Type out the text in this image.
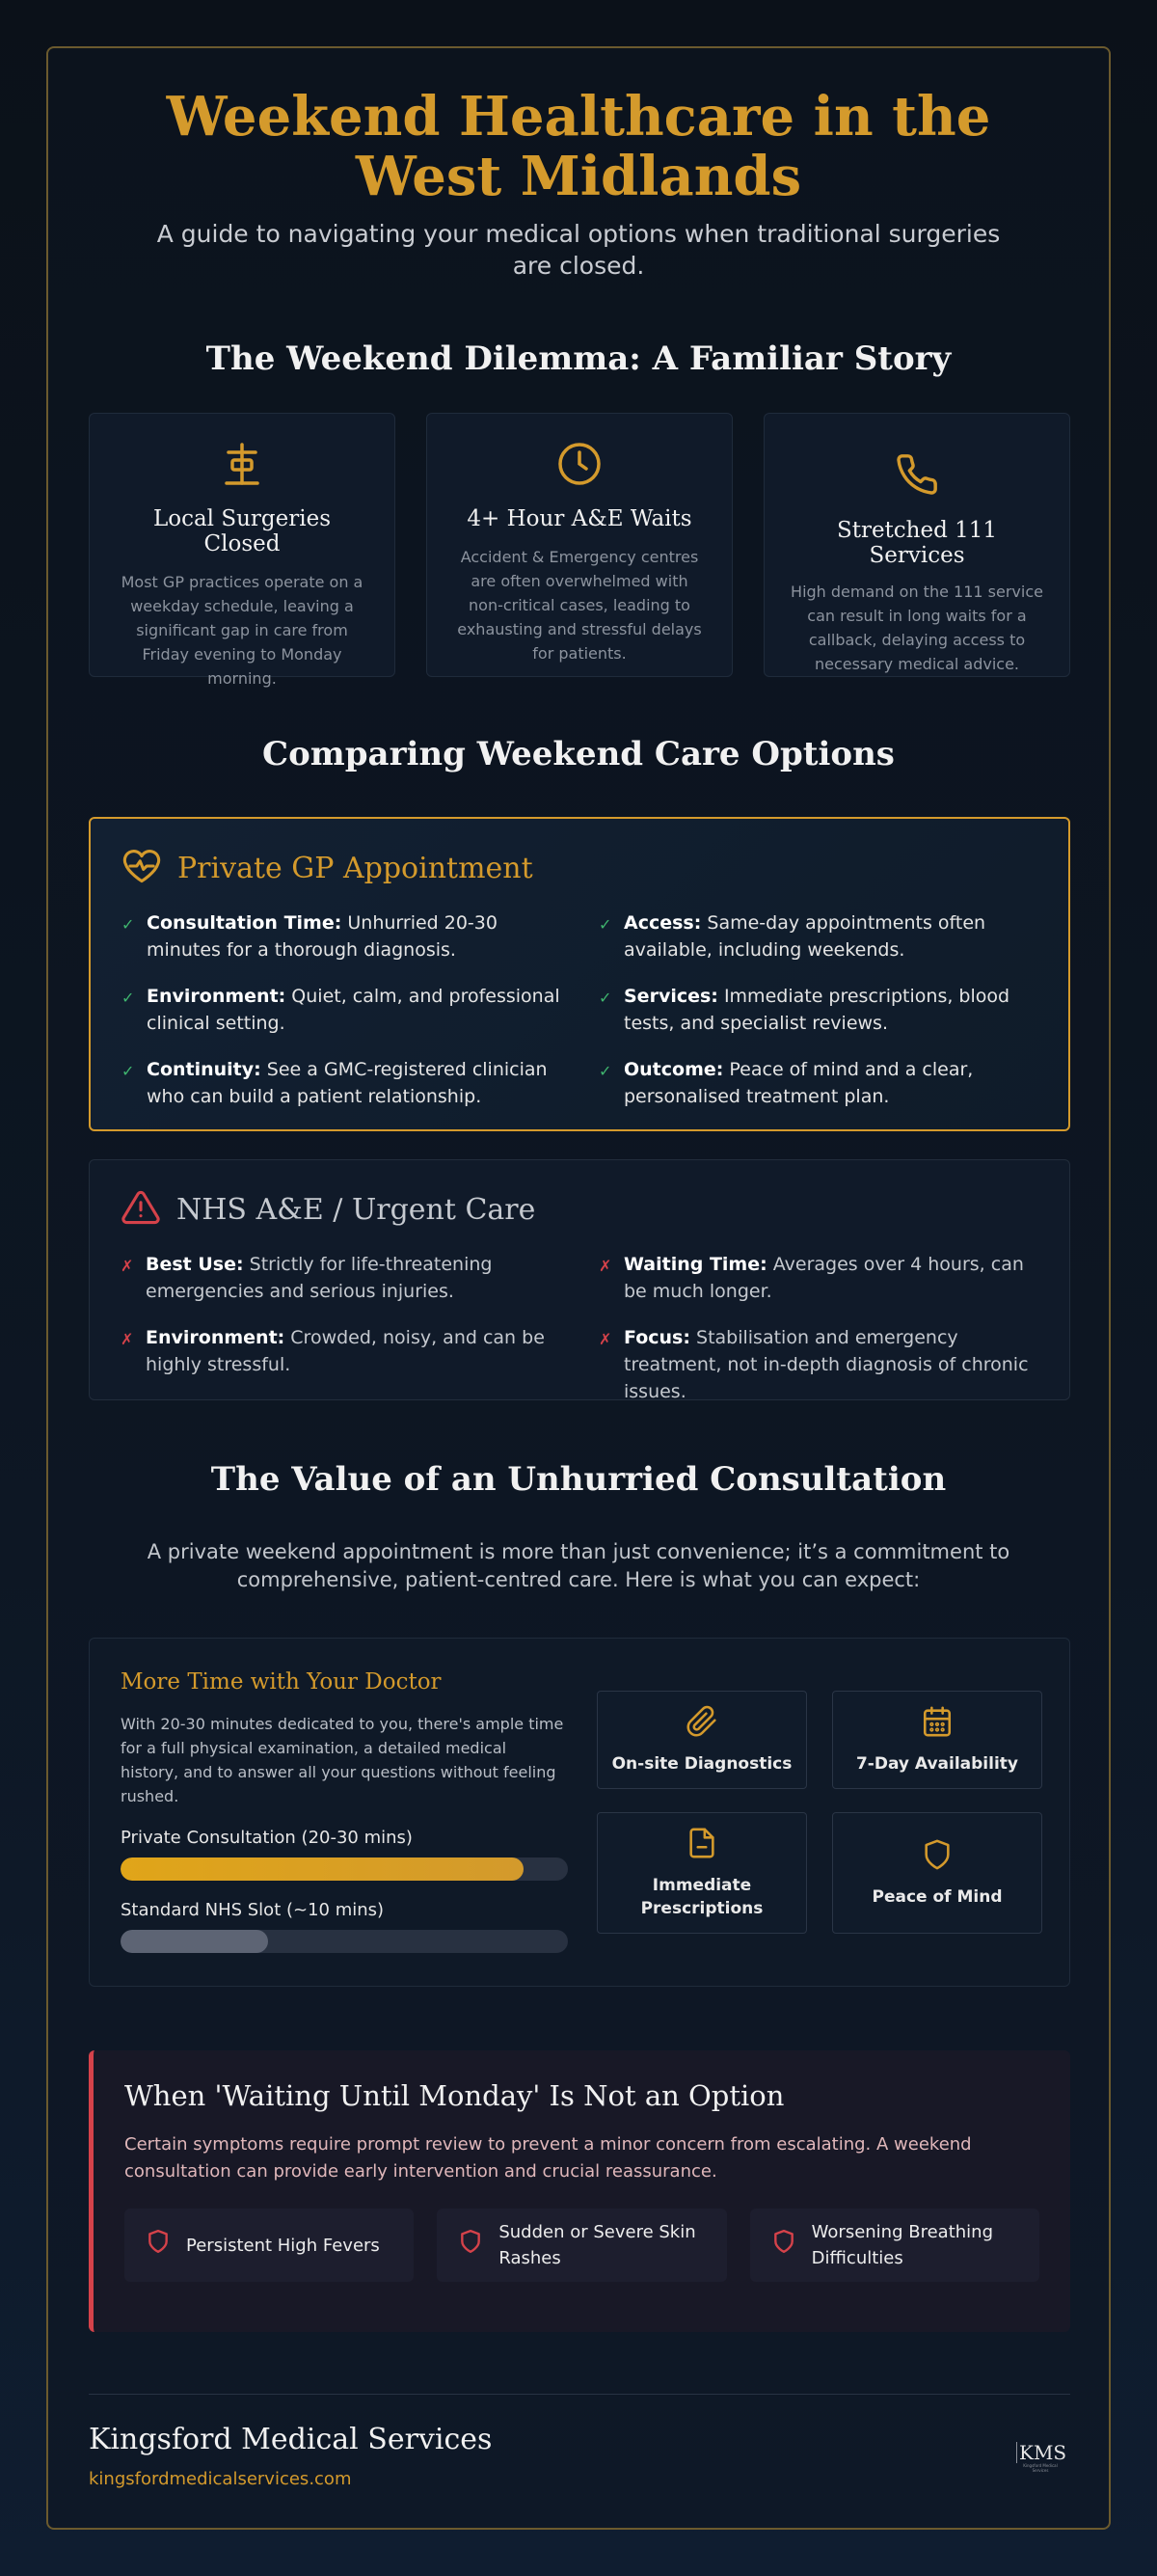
Weekend Healthcare in the West Midlands

A guide to navigating your medical options when traditional surgeries are closed.

The Weekend Dilemma: A Familiar Story
Local Surgeries Closed
Most GP practices operate on a weekday schedule, leaving a significant gap in care from Friday evening to Monday morning.
4+ Hour A&E Waits
Accident & Emergency centres are often overwhelmed with non-critical cases, leading to exhausting and stressful delays for patients.
Stretched 111 Services
High demand on the 111 service can result in long waits for a callback, delaying access to necessary medical advice.
Comparing Weekend Care Options
Private GP Appointment
✓ Consultation Time: Unhurried 20-30 minutes for a thorough diagnosis.
✓ Access: Same-day appointments often available, including weekends.
✓ Environment: Quiet, calm, and professional clinical setting.
✓ Services: Immediate prescriptions, blood tests, and specialist reviews.
✓ Continuity: See a GMC-registered clinician who can build a patient relationship.
✓ Outcome: Peace of mind and a clear, personalised treatment plan.
NHS A&E / Urgent Care
✗ Best Use: Strictly for life-threatening emergencies and serious injuries.
✗ Waiting Time: Averages over 4 hours, can be much longer.
✗ Environment: Crowded, noisy, and can be highly stressful.
✗ Focus: Stabilisation and emergency treatment, not in-depth diagnosis of chronic issues.
The Value of an Unhurried Consultation

A private weekend appointment is more than just convenience; it’s a commitment to comprehensive, patient-centred care. Here is what you can expect:

More Time with Your Doctor
With 20-30 minutes dedicated to you, there's ample time for a full physical examination, a detailed medical history, and to answer all your questions without feeling rushed.
Private Consultation (20-30 mins)
Standard NHS Slot (~10 mins)
On-site Diagnostics	7-Day Availability
Immediate Prescriptions
Peace of Mind
When 'Waiting Until Monday' Is Not an Option
Certain symptoms require prompt review to prevent a minor concern from escalating. A weekend consultation can provide early intervention and crucial reassurance.
Persistent High Fevers
Sudden or Severe Skin Rashes
Worsening Breathing Difficulties
Kingsford Medical Services
kingsfordmedicalservices.com
KMS
Kingsford Medical Services
